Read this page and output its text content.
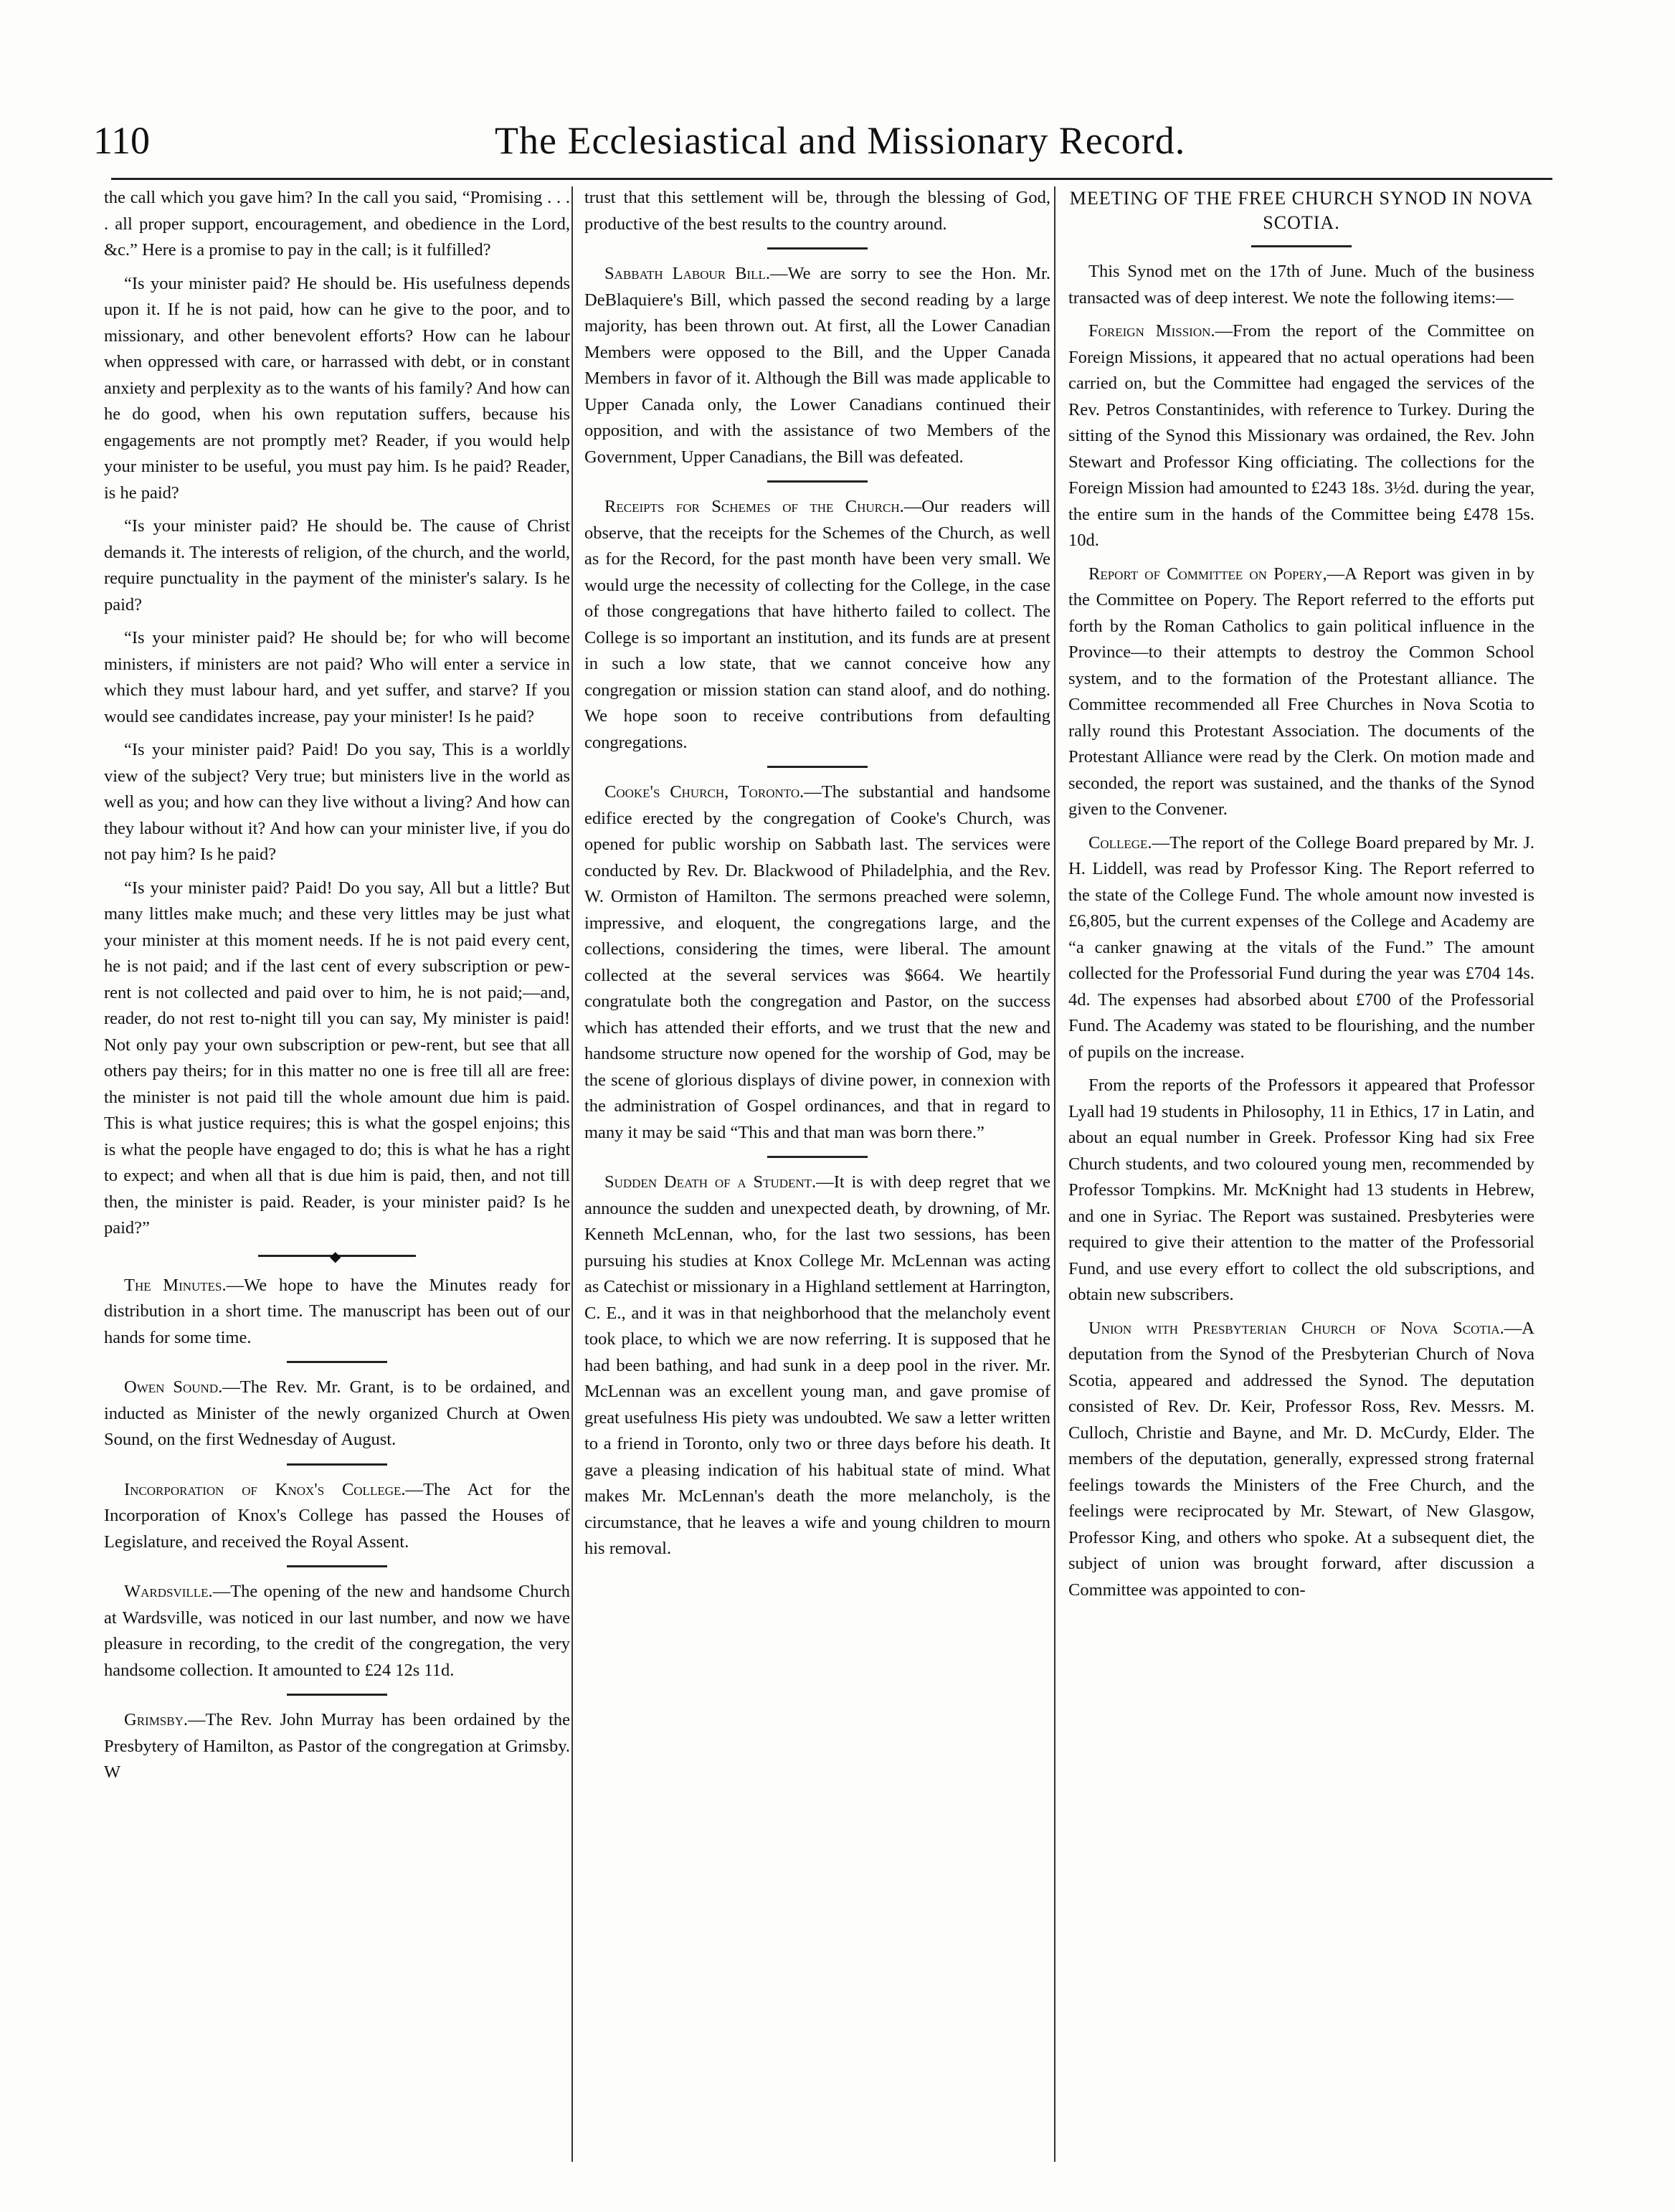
110	The Ecclesiastical and Missionary Record.

the call which you gave him? In the call you said, “Promising . . . . all proper support, encouragement, and obedience in the Lord, &c.” Here is a promise to pay in the call; is it fulfilled?

“Is your minister paid? He should be. His usefulness depends upon it. If he is not paid, how can he give to the poor, and to missionary, and other benevolent efforts? How can he labour when oppressed with care, or harrassed with debt, or in constant anxiety and perplexity as to the wants of his family? And how can he do good, when his own reputation suffers, because his engagements are not promptly met? Reader, if you would help your minister to be useful, you must pay him. Is he paid? Reader, is he paid?

“Is your minister paid? He should be. The cause of Christ demands it. The interests of religion, of the church, and the world, require punctuality in the payment of the minister's salary. Is he paid?

“Is your minister paid? He should be; for who will become ministers, if ministers are not paid? Who will enter a service in which they must labour hard, and yet suffer, and starve? If you would see candidates increase, pay your minister! Is he paid?

“Is your minister paid? Paid! Do you say, This is a worldly view of the subject? Very true; but ministers live in the world as well as you; and how can they live without a living? And how can they labour without it? And how can your minister live, if you do not pay him? Is he paid?

“Is your minister paid? Paid! Do you say, All but a little? But many littles make much; and these very littles may be just what your minister at this moment needs. If he is not paid every cent, he is not paid; and if the last cent of every subscription or pew-rent is not collected and paid over to him, he is not paid;—and, reader, do not rest to-night till you can say, My minister is paid! Not only pay your own subscription or pew-rent, but see that all others pay theirs; for in this matter no one is free till all are free: the minister is not paid till the whole amount due him is paid. This is what justice requires; this is what the gospel enjoins; this is what the people have engaged to do; this is what he has a right to expect; and when all that is due him is paid, then, and not till then, the minister is paid. Reader, is your minister paid? Is he paid?”

◆

The Minutes.—We hope to have the Minutes ready for distribution in a short time. The manuscript has been out of our hands for some time.

Owen Sound.—The Rev. Mr. Grant, is to be ordained, and inducted as Minister of the newly organized Church at Owen Sound, on the first Wednesday of August.

Incorporation of Knox's College.—The Act for the Incorporation of Knox's College has passed the Houses of Legislature, and received the Royal Assent.

Wardsville.—The opening of the new and handsome Church at Wardsville, was noticed in our last number, and now we have pleasure in recording, to the credit of the congregation, the very handsome collection. It amounted to £24 12s 11d.

Grimsby.—The Rev. John Murray has been ordained by the Presbytery of Hamilton, as Pastor of the congregation at Grimsby. W

trust that this settlement will be, through the blessing of God, productive of the best results to the country around.

Sabbath Labour Bill.—We are sorry to see the Hon. Mr. DeBlaquiere's Bill, which passed the second reading by a large majority, has been thrown out. At first, all the Lower Canadian Members were opposed to the Bill, and the Upper Canada Members in favor of it. Although the Bill was made applicable to Upper Canada only, the Lower Canadians continued their opposition, and with the assistance of two Members of the Government, Upper Canadians, the Bill was defeated.

Receipts for Schemes of the Church.—Our readers will observe, that the receipts for the Schemes of the Church, as well as for the Record, for the past month have been very small. We would urge the necessity of collecting for the College, in the case of those congregations that have hitherto failed to collect. The College is so important an institution, and its funds are at present in such a low state, that we cannot conceive how any congregation or mission station can stand aloof, and do nothing. We hope soon to receive contributions from defaulting congregations.

Cooke's Church, Toronto.—The substantial and handsome edifice erected by the congregation of Cooke's Church, was opened for public worship on Sabbath last. The services were conducted by Rev. Dr. Blackwood of Philadelphia, and the Rev. W. Ormiston of Hamilton. The sermons preached were solemn, impressive, and eloquent, the congregations large, and the collections, considering the times, were liberal. The amount collected at the several services was $664. We heartily congratulate both the congregation and Pastor, on the success which has attended their efforts, and we trust that the new and handsome structure now opened for the worship of God, may be the scene of glorious displays of divine power, in connexion with the administration of Gospel ordinances, and that in regard to many it may be said “This and that man was born there.”

Sudden Death of a Student.—It is with deep regret that we announce the sudden and unexpected death, by drowning, of Mr. Kenneth McLennan, who, for the last two sessions, has been pursuing his studies at Knox College Mr. McLennan was acting as Catechist or missionary in a Highland settlement at Harrington, C. E., and it was in that neighborhood that the melancholy event took place, to which we are now referring. It is supposed that he had been bathing, and had sunk in a deep pool in the river. Mr. McLennan was an excellent young man, and gave promise of great usefulness His piety was undoubted. We saw a letter written to a friend in Toronto, only two or three days before his death. It gave a pleasing indication of his habitual state of mind. What makes Mr. McLennan's death the more melancholy, is the circumstance, that he leaves a wife and young children to mourn his removal.

MEETING OF THE FREE CHURCH SYNOD IN NOVA SCOTIA.

This Synod met on the 17th of June. Much of the business transacted was of deep interest. We note the following items:—

Foreign Mission.—From the report of the Committee on Foreign Missions, it appeared that no actual operations had been carried on, but the Committee had engaged the services of the Rev. Petros Constantinides, with reference to Turkey. During the sitting of the Synod this Missionary was ordained, the Rev. John Stewart and Professor King officiating. The collections for the Foreign Mission had amounted to £243 18s. 3½d. during the year, the entire sum in the hands of the Committee being £478 15s. 10d.

Report of Committee on Popery,—A Report was given in by the Committee on Popery. The Report referred to the efforts put forth by the Roman Catholics to gain political influence in the Province—to their attempts to destroy the Common School system, and to the formation of the Protestant alliance. The Committee recommended all Free Churches in Nova Scotia to rally round this Protestant Association. The documents of the Protestant Alliance were read by the Clerk. On motion made and seconded, the report was sustained, and the thanks of the Synod given to the Convener.

College.—The report of the College Board prepared by Mr. J. H. Liddell, was read by Professor King. The Report referred to the state of the College Fund. The whole amount now invested is £6,805, but the current expenses of the College and Academy are “a canker gnawing at the vitals of the Fund.” The amount collected for the Professorial Fund during the year was £704 14s. 4d. The expenses had absorbed about £700 of the Professorial Fund. The Academy was stated to be flourishing, and the number of pupils on the increase.

From the reports of the Professors it appeared that Professor Lyall had 19 students in Philosophy, 11 in Ethics, 17 in Latin, and about an equal number in Greek. Professor King had six Free Church students, and two coloured young men, recommended by Professor Tompkins. Mr. McKnight had 13 students in Hebrew, and one in Syriac. The Report was sustained. Presbyteries were required to give their attention to the matter of the Professorial Fund, and use every effort to collect the old subscriptions, and obtain new subscribers.

Union with Presbyterian Church of Nova Scotia.—A deputation from the Synod of the Presbyterian Church of Nova Scotia, appeared and addressed the Synod. The deputation consisted of Rev. Dr. Keir, Professor Ross, Rev. Messrs. M. Culloch, Christie and Bayne, and Mr. D. McCurdy, Elder. The members of the deputation, generally, expressed strong fraternal feelings towards the Ministers of the Free Church, and the feelings were reciprocated by Mr. Stewart, of New Glasgow, Professor King, and others who spoke. At a subsequent diet, the subject of union was brought forward, after discussion a Committee was appointed to con-
